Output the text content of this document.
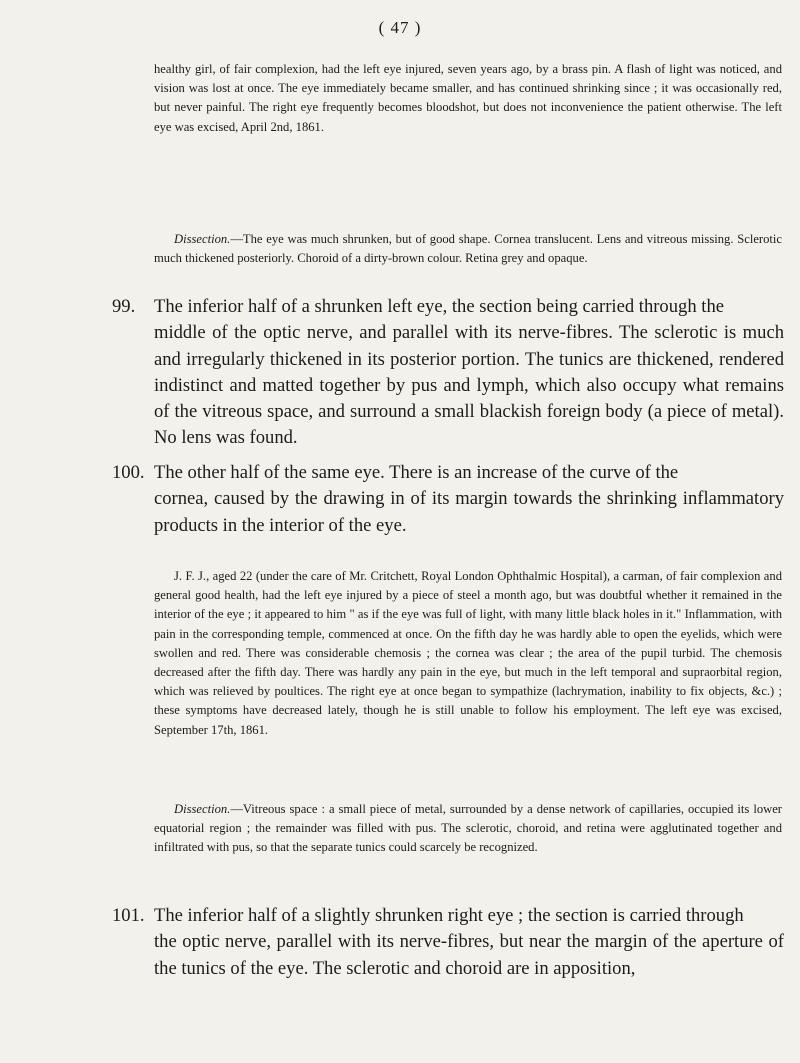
( 47 )

healthy girl, of fair complexion, had the left eye injured, seven years ago, by a brass pin. A flash of light was noticed, and vision was lost at once. The eye immediately became smaller, and has continued shrinking since ; it was occasionally red, but never painful. The right eye frequently becomes bloodshot, but does not inconvenience the patient otherwise. The left eye was excised, April 2nd, 1861.

Dissection.—The eye was much shrunken, but of good shape. Cornea translucent. Lens and vitreous missing. Sclerotic much thickened posteriorly. Choroid of a dirty-brown colour. Retina grey and opaque.

99. The inferior half of a shrunken left eye, the section being carried through the
middle of the optic nerve, and parallel with its nerve-fibres. The sclerotic is much and irregularly thickened in its posterior portion. The tunics are thickened, rendered indistinct and matted together by pus and lymph, which also occupy what remains of the vitreous space, and surround a small blackish foreign body (a piece of metal). No lens was found.
100. The other half of the same eye. There is an increase of the curve of the
cornea, caused by the drawing in of its margin towards the shrinking inflammatory products in the interior of the eye.

J. F. J., aged 22 (under the care of Mr. Critchett, Royal London Ophthalmic Hospital), a carman, of fair complexion and general good health, had the left eye injured by a piece of steel a month ago, but was doubtful whether it remained in the interior of the eye ; it appeared to him " as if the eye was full of light, with many little black holes in it." Inflammation, with pain in the corresponding temple, commenced at once. On the fifth day he was hardly able to open the eyelids, which were swollen and red. There was considerable chemosis ; the cornea was clear ; the area of the pupil turbid. The chemosis decreased after the fifth day. There was hardly any pain in the eye, but much in the left temporal and supraorbital region, which was relieved by poultices. The right eye at once began to sympathize (lachrymation, inability to fix objects, &c.) ; these symptoms have decreased lately, though he is still unable to follow his employment. The left eye was excised, September 17th, 1861.

Dissection.—Vitreous space : a small piece of metal, surrounded by a dense network of capillaries, occupied its lower equatorial region ; the remainder was filled with pus. The sclerotic, choroid, and retina were agglutinated together and infiltrated with pus, so that the separate tunics could scarcely be recognized.

101. The inferior half of a slightly shrunken right eye ; the section is carried through
the optic nerve, parallel with its nerve-fibres, but near the margin of the aperture of the tunics of the eye. The sclerotic and choroid are in apposition,
